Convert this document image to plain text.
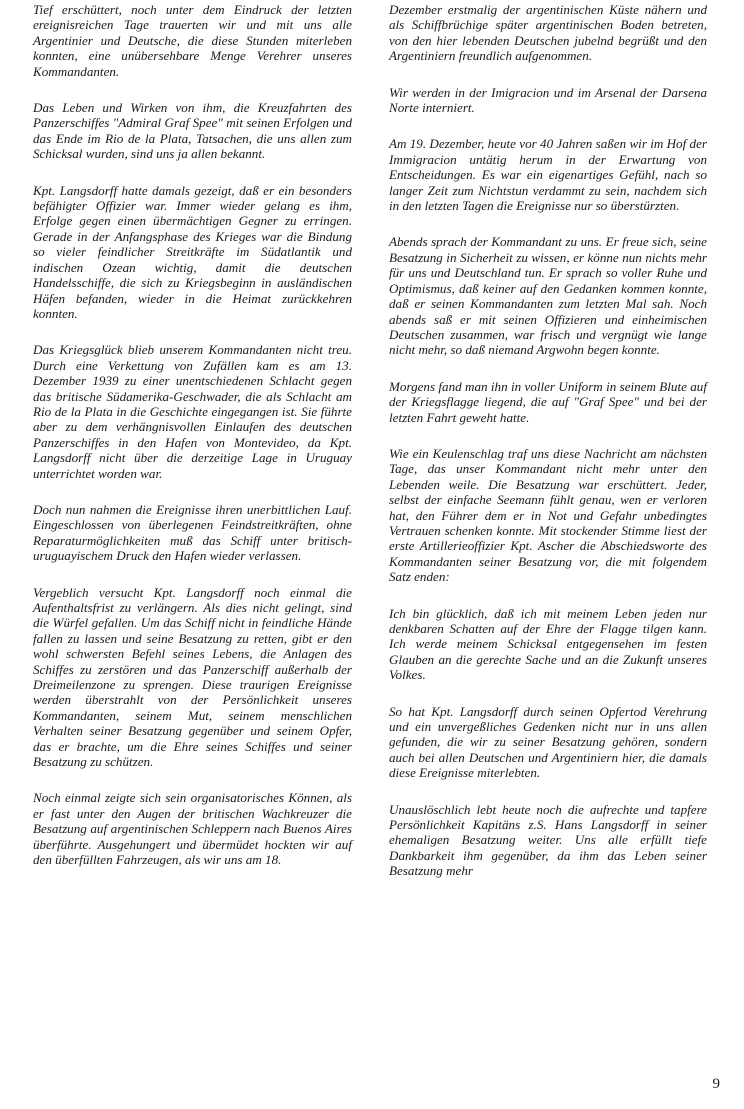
Tief erschüttert, noch unter dem Eindruck der letzten ereignisreichen Tage trauerten wir und mit uns alle Argentinier und Deutsche, die diese Stunden miterleben konnten, eine unübersehbare Menge Verehrer unseres Kommandanten.

Das Leben und Wirken von ihm, die Kreuzfahrten des Panzerschiffes "Admiral Graf Spee" mit seinen Erfolgen und das Ende im Rio de la Plata, Tatsachen, die uns allen zum Schicksal wurden, sind uns ja allen bekannt.

Kpt. Langsdorff hatte damals gezeigt, daß er ein besonders befähigter Offizier war. Immer wieder gelang es ihm, Erfolge gegen einen übermächtigen Gegner zu erringen. Gerade in der Anfangsphase des Krieges war die Bindung so vieler feindlicher Streitkräfte im Südatlantik und indischen Ozean wichtig, damit die deutschen Handelsschiffe, die sich zu Kriegsbeginn in ausländischen Häfen befanden, wieder in die Heimat zurückkehren konnten.

Das Kriegsglück blieb unserem Kommandanten nicht treu. Durch eine Verkettung von Zufällen kam es am 13. Dezember 1939 zu einer unentschiedenen Schlacht gegen das britische Südamerika-Geschwader, die als Schlacht am Rio de la Plata in die Geschichte eingegangen ist. Sie führte aber zu dem verhängnisvollen Einlaufen des deutschen Panzerschiffes in den Hafen von Montevideo, da Kpt. Langsdorff nicht über die derzeitige Lage in Uruguay unterrichtet worden war.

Doch nun nahmen die Ereignisse ihren unerbittlichen Lauf. Eingeschlossen von überlegenen Feindstreitkräften, ohne Reparaturmöglichkeiten muß das Schiff unter britisch-uruguayischem Druck den Hafen wieder verlassen.

Vergeblich versucht Kpt. Langsdorff noch einmal die Aufenthaltsfrist zu verlängern. Als dies nicht gelingt, sind die Würfel gefallen. Um das Schiff nicht in feindliche Hände fallen zu lassen und seine Besatzung zu retten, gibt er den wohl schwersten Befehl seines Lebens, die Anlagen des Schiffes zu zerstören und das Panzerschiff außerhalb der Dreimeilenzone zu sprengen. Diese traurigen Ereignisse werden überstrahlt von der Persönlichkeit unseres Kommandanten, seinem Mut, seinem menschlichen Verhalten seiner Besatzung gegenüber und seinem Opfer, das er brachte, um die Ehre seines Schiffes und seiner Besatzung zu schützen.

Noch einmal zeigte sich sein organisatorisches Können, als er fast unter den Augen der britischen Wachkreuzer die Besatzung auf argentinischen Schleppern nach Buenos Aires überführte. Ausgehungert und übermüdet hockten wir auf den überfüllten Fahrzeugen, als wir uns am 18.

Dezember erstmalig der argentinischen Küste nähern und als Schiffbrüchige später argentinischen Boden betreten, von den hier lebenden Deutschen jubelnd begrüßt und den Argentiniern freundlich aufgenommen.

Wir werden in der Imigracion und im Arsenal der Darsena Norte interniert.

Am 19. Dezember, heute vor 40 Jahren saßen wir im Hof der Immigracion untätig herum in der Erwartung von Entscheidungen. Es war ein eigenartiges Gefühl, nach so langer Zeit zum Nichtstun verdammt zu sein, nachdem sich in den letzten Tagen die Ereignisse nur so überstürzten.

Abends sprach der Kommandant zu uns. Er freue sich, seine Besatzung in Sicherheit zu wissen, er könne nun nichts mehr für uns und Deutschland tun. Er sprach so voller Ruhe und Optimismus, daß keiner auf den Gedanken kommen konnte, daß er seinen Kommandanten zum letzten Mal sah. Noch abends saß er mit seinen Offizieren und einheimischen Deutschen zusammen, war frisch und vergnügt wie lange nicht mehr, so daß niemand Argwohn begen konnte.

Morgens fand man ihn in voller Uniform in seinem Blute auf der Kriegsflagge liegend, die auf "Graf Spee" und bei der letzten Fahrt geweht hatte.

Wie ein Keulenschlag traf uns diese Nachricht am nächsten Tage, das unser Kommandant nicht mehr unter den Lebenden weile. Die Besatzung war erschüttert. Jeder, selbst der einfache Seemann fühlt genau, wen er verloren hat, den Führer dem er in Not und Gefahr unbedingtes Vertrauen schenken konnte. Mit stockender Stimme liest der erste Artillerieoffizier Kpt. Ascher die Abschiedsworte des Kommandanten seiner Besatzung vor, die mit folgendem Satz enden:

Ich bin glücklich, daß ich mit meinem Leben jeden nur denkbaren Schatten auf der Ehre der Flagge tilgen kann. Ich werde meinem Schicksal entgegensehen im festen Glauben an die gerechte Sache und an die Zukunft unseres Volkes.

So hat Kpt. Langsdorff durch seinen Opfertod Verehrung und ein unvergeßliches Gedenken nicht nur in uns allen gefunden, die wir zu seiner Besatzung gehören, sondern auch bei allen Deutschen und Argentiniern hier, die damals diese Ereignisse miterlebten.

Unauslöschlich lebt heute noch die aufrechte und tapfere Persönlichkeit Kapitäns z.S. Hans Langsdorff in seiner ehemaligen Besatzung weiter. Uns alle erfüllt tiefe Dankbarkeit ihm gegenüber, da ihm das Leben seiner Besatzung mehr

9
